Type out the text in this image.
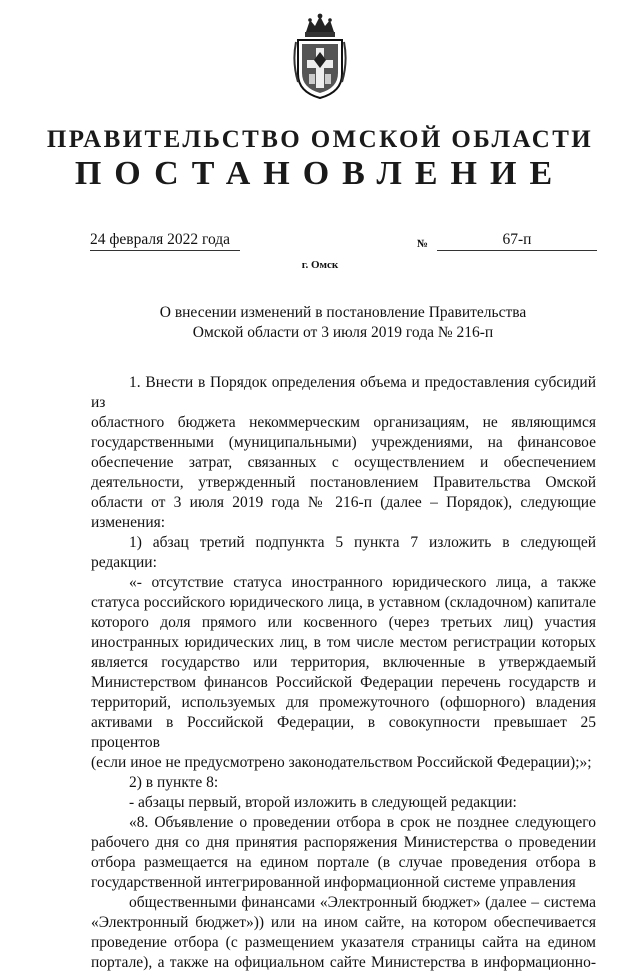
ПРАВИТЕЛЬСТВО ОМСКОЙ ОБЛАСТИ
ПОСТАНОВЛЕНИЕ
24 февраля 2022 года	№	67-п
г. Омск
О внесении изменений в постановление Правительства
Омской области от 3 июля 2019 года № 216-п

1. Внести в Порядок определения объема и предоставления субсидий из

областного бюджета некоммерческим организациям, не являющимся

государственными (муниципальными) учреждениями, на финансовое

обеспечение затрат, связанных с осуществлением и обеспечением

деятельности, утвержденный постановлением Правительства Омской

области от 3 июля 2019 года № 216-п (далее – Порядок), следующие

изменения:

1) абзац третий подпункта 5 пункта 7 изложить в следующей редакции:

«- отсутствие статуса иностранного юридического лица, а также

статуса российского юридического лица, в уставном (складочном) капитале

которого доля прямого или косвенного (через третьих лиц) участия

иностранных юридических лиц, в том числе местом регистрации которых

является государство или территория, включенные в утверждаемый

Министерством финансов Российской Федерации перечень государств и

территорий, используемых для промежуточного (офшорного) владения

активами в Российской Федерации, в совокупности превышает 25 процентов

(если иное не предусмотрено законодательством Российской Федерации);»;

2) в пункте 8:

- абзацы первый, второй изложить в следующей редакции:

«8. Объявление о проведении отбора в срок не позднее следующего

рабочего дня со дня принятия распоряжения Министерства о проведении

отбора размещается на едином портале (в случае проведения отбора в

государственной интегрированной информационной системе управления

общественными финансами «Электронный бюджет» (далее – система

«Электронный бюджет»)) или на ином сайте, на котором обеспечивается

проведение отбора (с размещением указателя страницы сайта на едином

портале), а также на официальном сайте Министерства в информационно-
